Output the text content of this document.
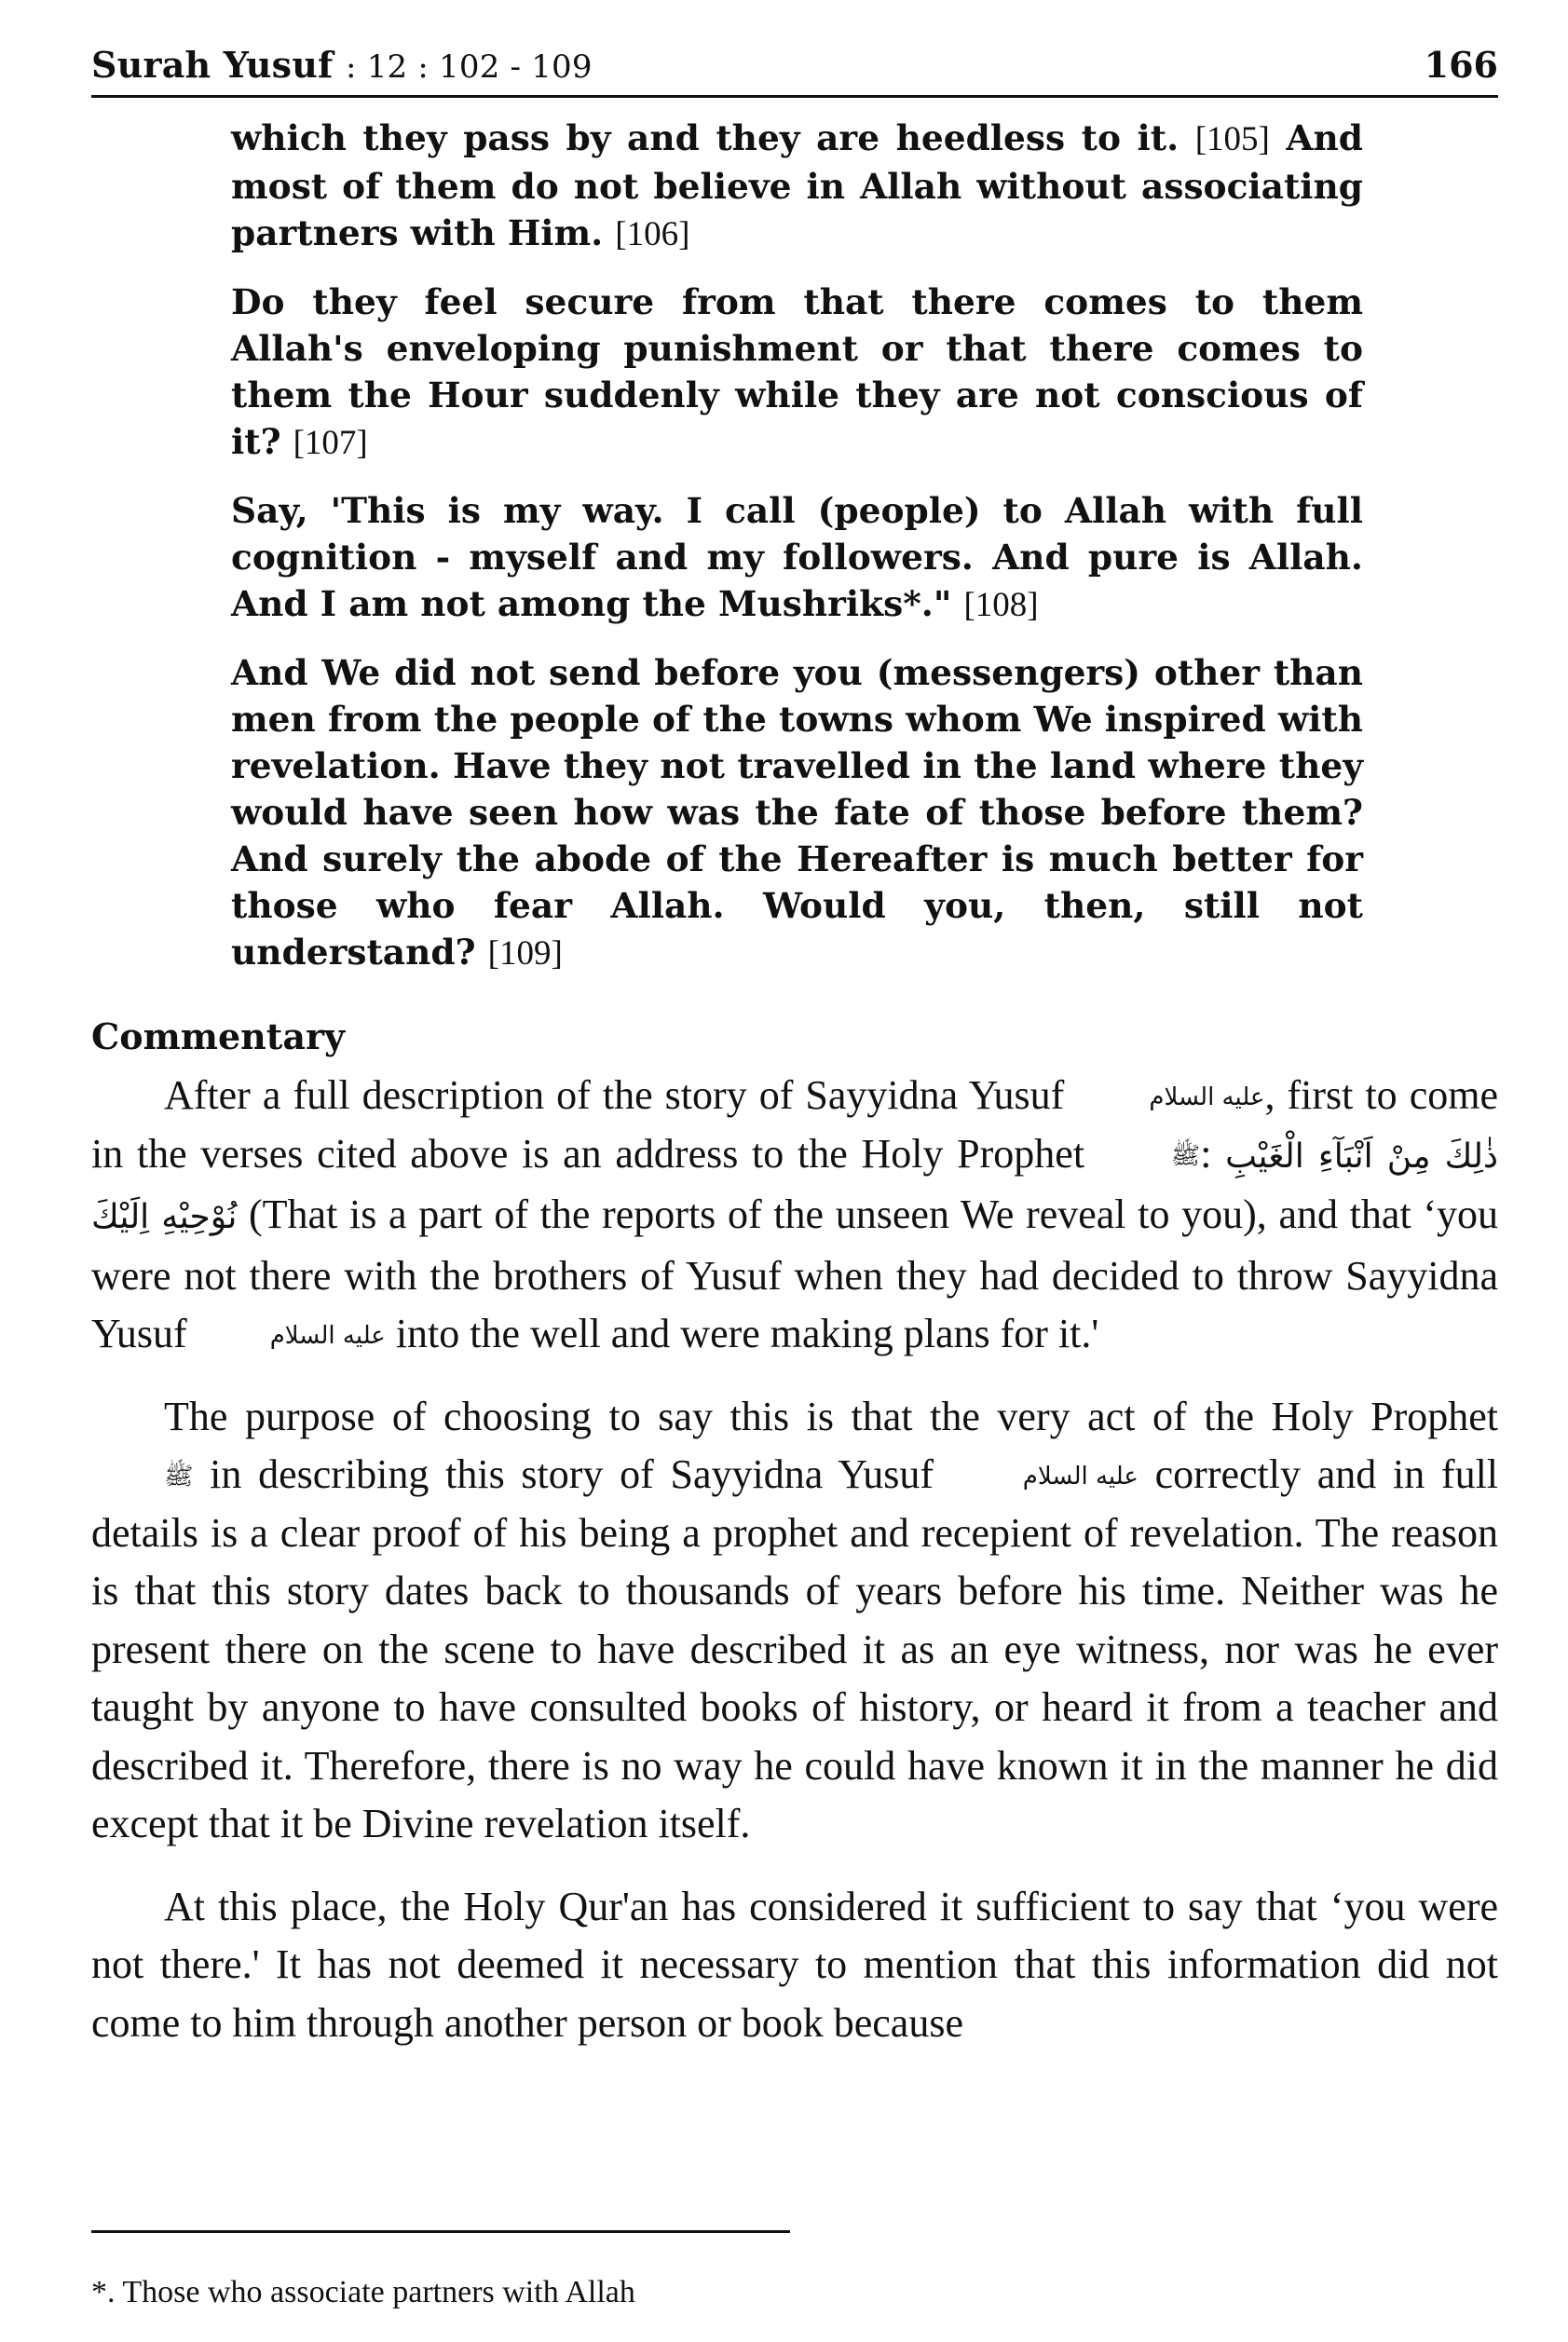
Surah Yusuf : 12 : 102 - 109	166

which they pass by and they are heedless to it. [105] And most of them do not believe in Allah without associating partners with Him. [106]

Do they feel secure from that there comes to them Allah's enveloping punishment or that there comes to them the Hour suddenly while they are not conscious of it? [107]

Say, 'This is my way. I call (people) to Allah with full cognition - myself and my followers. And pure is Allah. And I am not among the Mushriks*." [108]

And We did not send before you (messengers) other than men from the people of the towns whom We inspired with revelation. Have they not travelled in the land where they would have seen how was the fate of those before them? And surely the abode of the Hereafter is much better for those who fear Allah. Would you, then, still not understand? [109]

Commentary

After a full description of the story of Sayyidna Yusuf	عليه السلام, first to come in the verses cited above is an address to the Holy Prophet	ﷺ: ذٰلِكَ مِنْ اَنْبَآءِ الْغَيْبِ نُوْحِيْهِ اِلَيْكَ (That is a part of the reports of the unseen We reveal to you), and that ‘you were not there with the brothers of Yusuf when they had decided to throw Sayyidna Yusuf	عليه السلام into the well and were making plans for it.'

The purpose of choosing to say this is that the very act of the Holy Prophet ﷺ in describing this story of Sayyidna Yusuf	عليه السلام correctly and in full details is a clear proof of his being a prophet and recepient of revelation. The reason is that this story dates back to thousands of years before his time. Neither was he present there on the scene to have described it as an eye witness, nor was he ever taught by anyone to have consulted books of history, or heard it from a teacher and described it. Therefore, there is no way he could have known it in the manner he did except that it be Divine revelation itself.

At this place, the Holy Qur'an has considered it sufficient to say that ‘you were not there.' It has not deemed it necessary to mention that this information did not come to him through another person or book because

*. Those who associate partners with Allah
